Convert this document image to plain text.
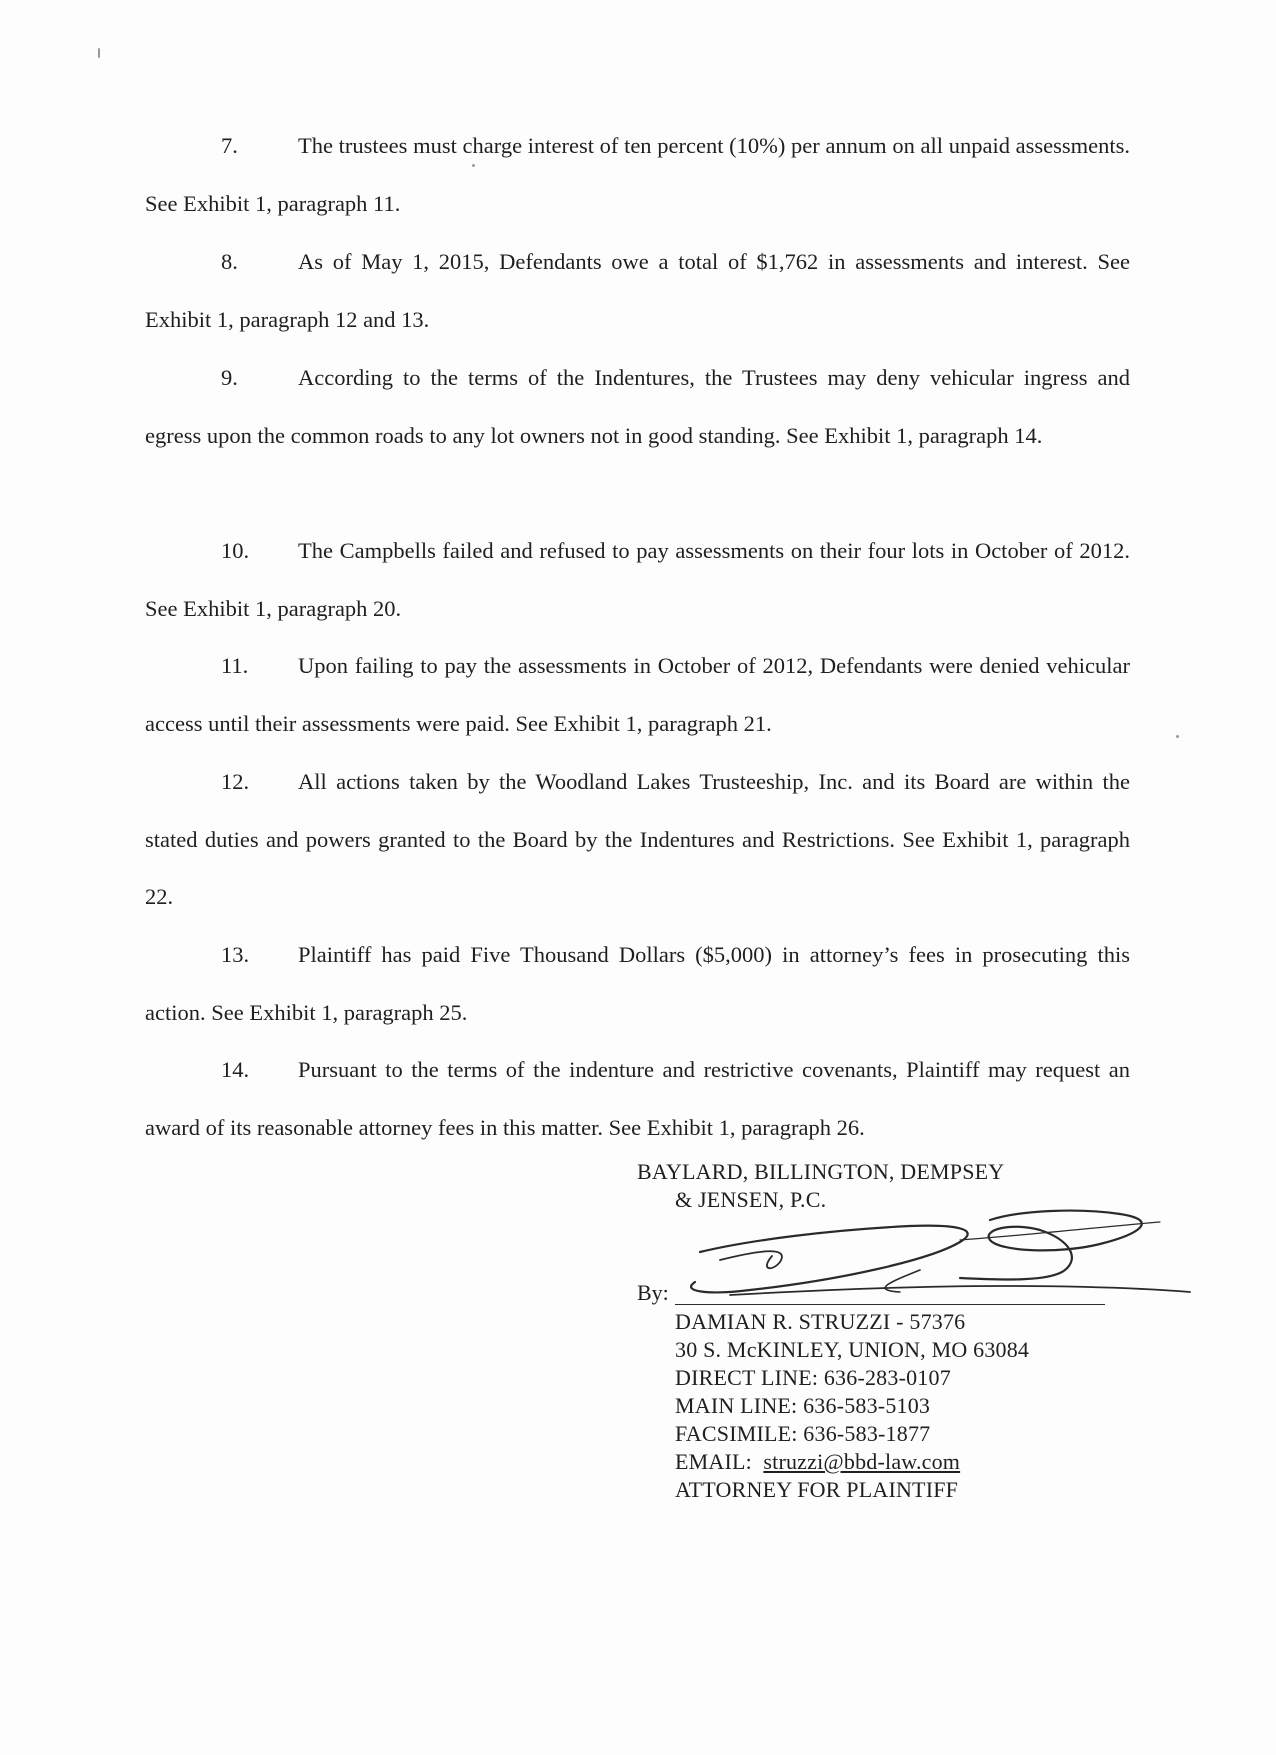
7.	The trustees must charge interest of ten percent (10%) per annum on all unpaid assessments. See Exhibit 1, paragraph 11.

8.	As of May 1, 2015, Defendants owe a total of $1,762 in assessments and interest. See Exhibit 1, paragraph 12 and 13.

9.	According to the terms of the Indentures, the Trustees may deny vehicular ingress and egress upon the common roads to any lot owners not in good standing. See Exhibit 1, paragraph 14.

10. The Campbells failed and refused to pay assessments on their four lots in October of 2012. See Exhibit 1, paragraph 20.

11. Upon failing to pay the assessments in October of 2012, Defendants were denied vehicular access until their assessments were paid. See Exhibit 1, paragraph 21.

12. All actions taken by the Woodland Lakes Trusteeship, Inc. and its Board are within the stated duties and powers granted to the Board by the Indentures and Restrictions. See Exhibit 1, paragraph 22.

13. Plaintiff has paid Five Thousand Dollars ($5,000) in attorney’s fees in prosecuting this action. See Exhibit 1, paragraph 25.

14. Pursuant to the terms of the indenture and restrictive covenants, Plaintiff may request an award of its reasonable attorney fees in this matter. See Exhibit 1, paragraph 26.

BAYLARD, BILLINGTON, DEMPSEY
& JENSEN, P.C.
By:
DAMIAN R. STRUZZI - 57376
30 S. McKINLEY, UNION, MO 63084
DIRECT LINE: 636-283-0107
MAIN LINE: 636-583-5103
FACSIMILE: 636-583-1877
EMAIL: struzzi@bbd-law.com
ATTORNEY FOR PLAINTIFF
